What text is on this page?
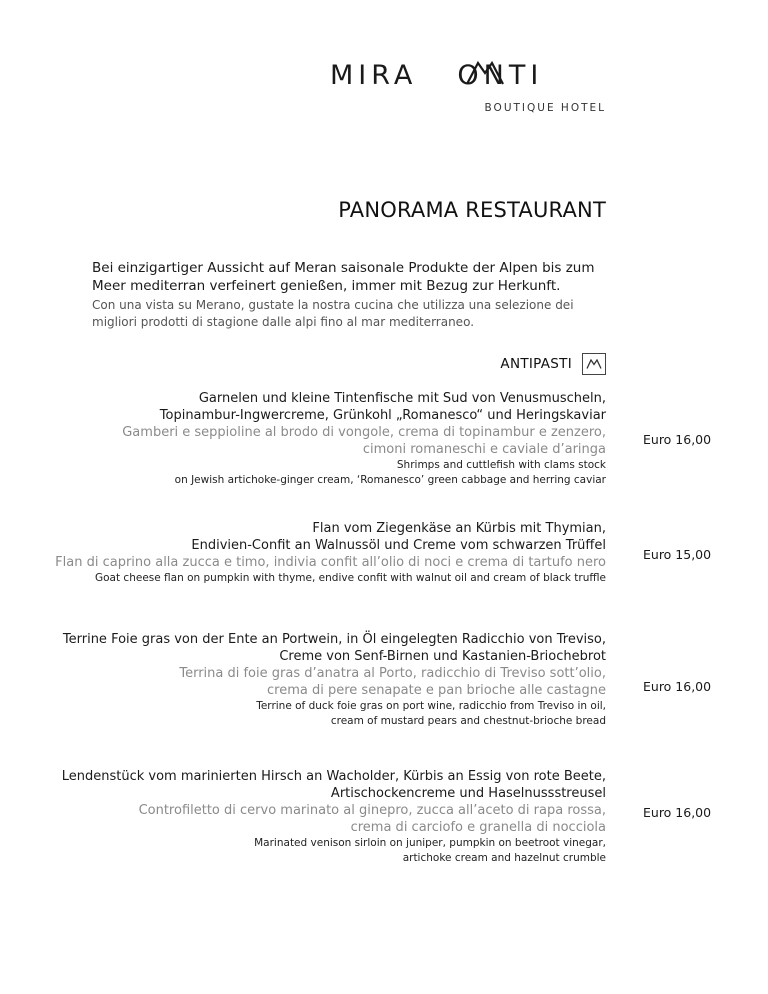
MIRA ONTI
BOUTIQUE HOTEL
PANORAMA RESTAURANT

Bei einzigartiger Aussicht auf Meran saisonale Produkte der Alpen bis zum
Meer mediterran verfeinert genießen, immer mit Bezug zur Herkunft.

Con una vista su Merano, gustate la nostra cucina che utilizza una selezione dei
migliori prodotti di stagione dalle alpi fino al mar mediterraneo.

ANTIPASTI
Garnelen und kleine Tintenfische mit Sud von Venusmuscheln,
Topinambur-Ingwercreme, Grünkohl „Romanesco“ und Heringskaviar
Gamberi e seppioline al brodo di vongole, crema di topinambur e zenzero,
cimoni romaneschi e caviale d’aringa
Shrimps and cuttlefish with clams stock
on Jewish artichoke-ginger cream, ‘Romanesco’ green cabbage and herring caviar
Euro 16,00
Flan vom Ziegenkäse an Kürbis mit Thymian,
Endivien-Confit an Walnussöl und Creme vom schwarzen Trüffel
Flan di caprino alla zucca e timo, indivia confit all’olio di noci e crema di tartufo nero
Goat cheese flan on pumpkin with thyme, endive confit with walnut oil and cream of black truffle
Euro 15,00
Terrine Foie gras von der Ente an Portwein, in Öl eingelegten Radicchio von Treviso,
Creme von Senf-Birnen und Kastanien-Briochebrot
Terrina di foie gras d’anatra al Porto, radicchio di Treviso sott’olio,
crema di pere senapate e pan brioche alle castagne
Terrine of duck foie gras on port wine, radicchio from Treviso in oil,
cream of mustard pears and chestnut-brioche bread
Euro 16,00
Lendenstück vom marinierten Hirsch an Wacholder, Kürbis an Essig von rote Beete,
Artischockencreme und Haselnussstreusel
Controfiletto di cervo marinato al ginepro, zucca all’aceto di rapa rossa,
crema di carciofo e granella di nocciola
Marinated venison sirloin on juniper, pumpkin on beetroot vinegar,
artichoke cream and hazelnut crumble
Euro 16,00
